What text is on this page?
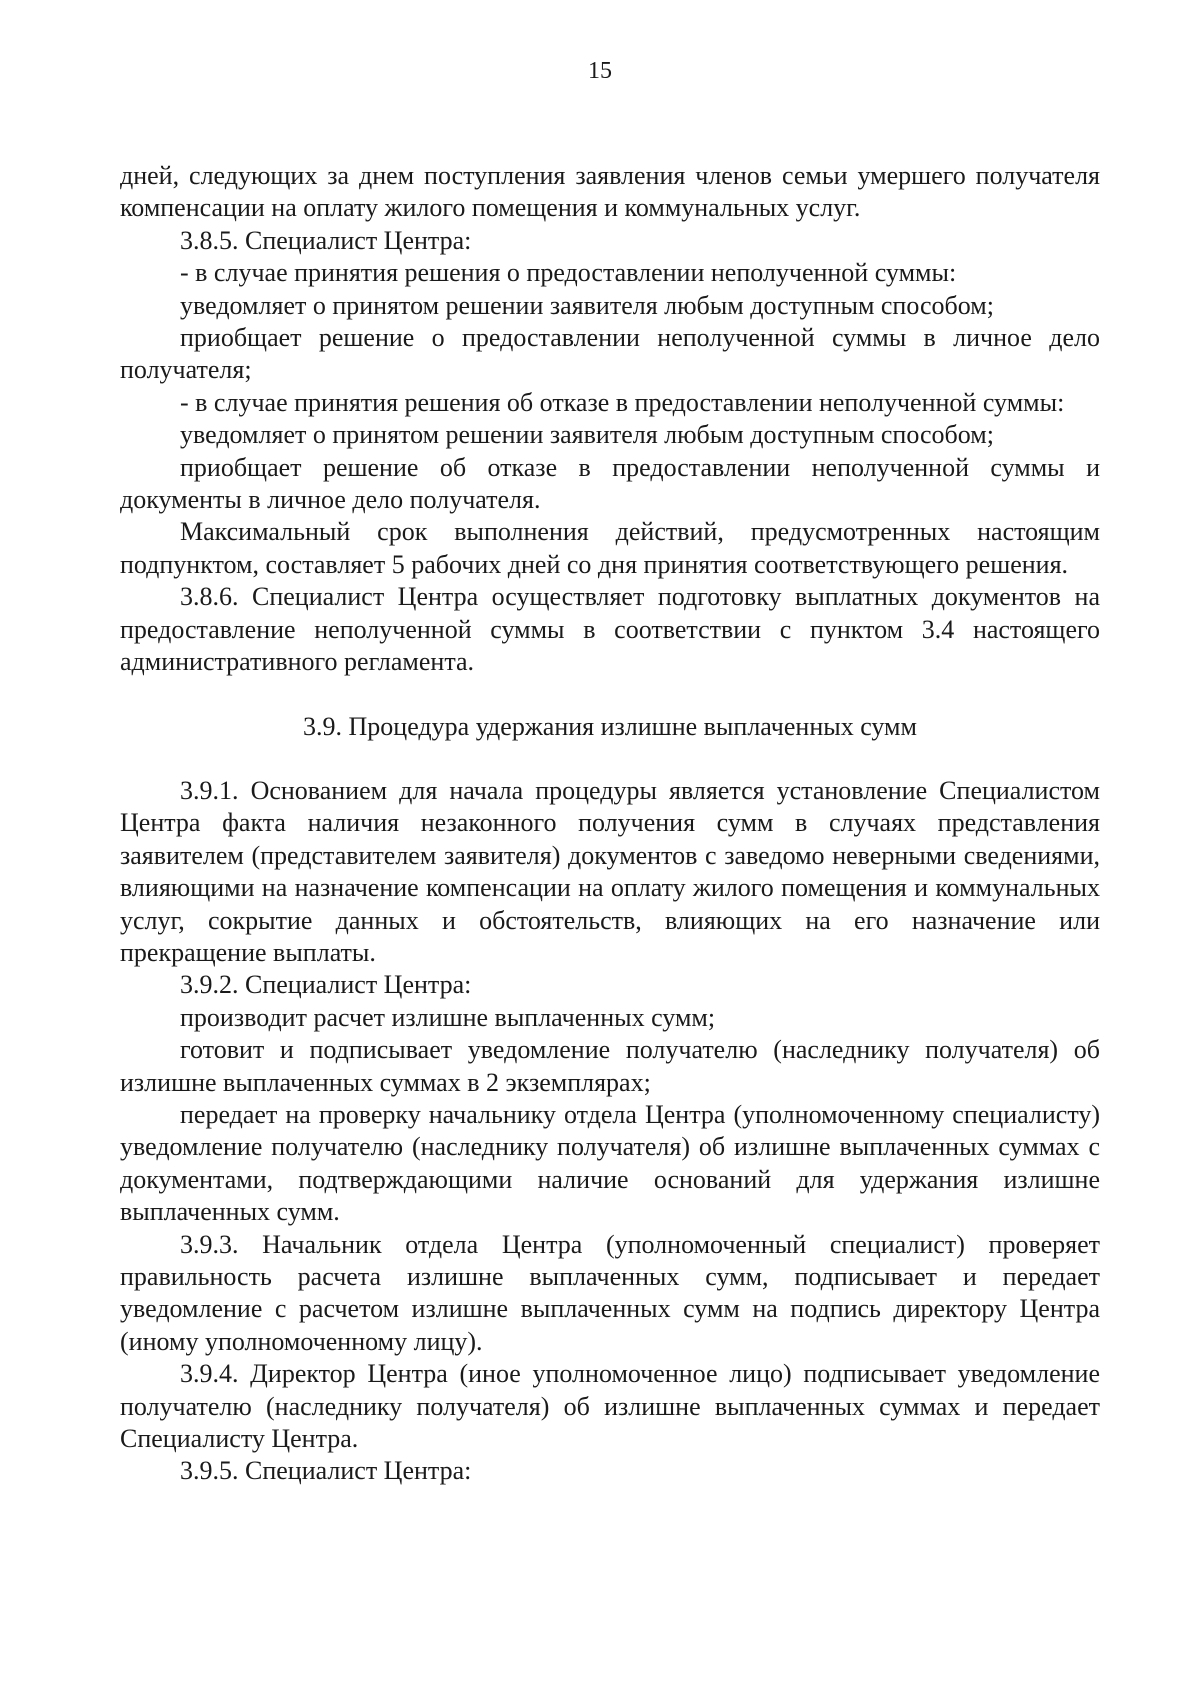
15

дней, следующих за днем поступления заявления членов семьи умершего получателя компенсации на оплату жилого помещения и коммунальных услуг.

3.8.5. Специалист Центра:

- в случае принятия решения о предоставлении неполученной суммы:

уведомляет о принятом решении заявителя любым доступным способом;

приобщает решение о предоставлении неполученной суммы в личное дело получателя;

- в случае принятия решения об отказе в предоставлении неполученной суммы:

уведомляет о принятом решении заявителя любым доступным способом;

приобщает решение об отказе в предоставлении неполученной суммы и документы в личное дело получателя.

Максимальный срок выполнения действий, предусмотренных настоящим подпунктом, составляет 5 рабочих дней со дня принятия соответствующего решения.

3.8.6. Специалист Центра осуществляет подготовку выплатных документов на предоставление неполученной суммы в соответствии с пунктом 3.4 настоящего административного регламента.

3.9. Процедура удержания излишне выплаченных сумм

3.9.1. Основанием для начала процедуры является установление Специалистом Центра факта наличия незаконного получения сумм в случаях представления заявителем (представителем заявителя) документов с заведомо неверными сведениями, влияющими на назначение компенсации на оплату жилого помещения и коммунальных услуг, сокрытие данных и обстоятельств, влияющих на его назначение или прекращение выплаты.

3.9.2. Специалист Центра:

производит расчет излишне выплаченных сумм;

готовит и подписывает уведомление получателю (наследнику получателя) об излишне выплаченных суммах в 2 экземплярах;

передает на проверку начальнику отдела Центра (уполномоченному специалисту) уведомление получателю (наследнику получателя) об излишне выплаченных суммах с документами, подтверждающими наличие оснований для удержания излишне выплаченных сумм.

3.9.3. Начальник отдела Центра (уполномоченный специалист) проверяет правильность расчета излишне выплаченных сумм, подписывает и передает уведомление с расчетом излишне выплаченных сумм на подпись директору Центра (иному уполномоченному лицу).

3.9.4. Директор Центра (иное уполномоченное лицо) подписывает уведомление получателю (наследнику получателя) об излишне выплаченных суммах и передает Специалисту Центра.

3.9.5. Специалист Центра:
